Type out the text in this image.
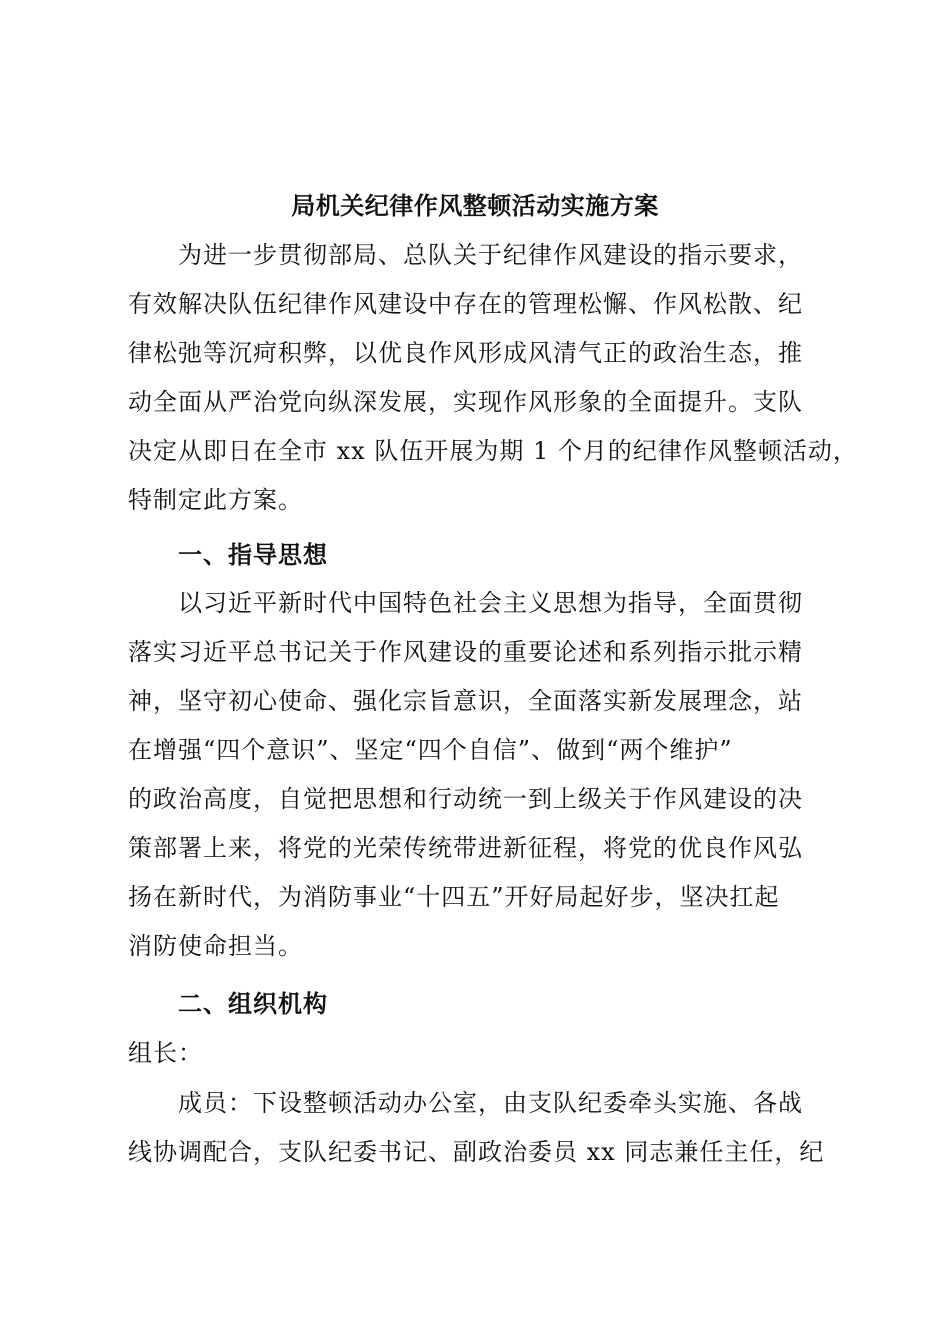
局机关纪律作风整顿活动实施方案
为进一步贯彻部局、总队关于纪律作风建设的指示要求，
有效解决队伍纪律作风建设中存在的管理松懈、作风松散、纪
律松弛等沉疴积弊，以优良作风形成风清气正的政治生态，推
动全面从严治党向纵深发展，实现作风形象的全面提升。支队
决定从即日在全市 xx 队伍开展为期 1 个月的纪律作风整顿活动，
特制定此方案。
一、指导思想
以习近平新时代中国特色社会主义思想为指导，全面贯彻
落实习近平总书记关于作风建设的重要论述和系列指示批示精
神，坚守初心使命、强化宗旨意识，全面落实新发展理念，站
在增强“四个意识”、坚定“四个自信”、做到“两个维护”
的政治高度，自觉把思想和行动统一到上级关于作风建设的决
策部署上来，将党的光荣传统带进新征程，将党的优良作风弘
扬在新时代，为消防事业“十四五”开好局起好步，坚决扛起
消防使命担当。
二、组织机构
组长：
成员：下设整顿活动办公室，由支队纪委牵头实施、各战
线协调配合，支队纪委书记、副政治委员 xx 同志兼任主任，纪
